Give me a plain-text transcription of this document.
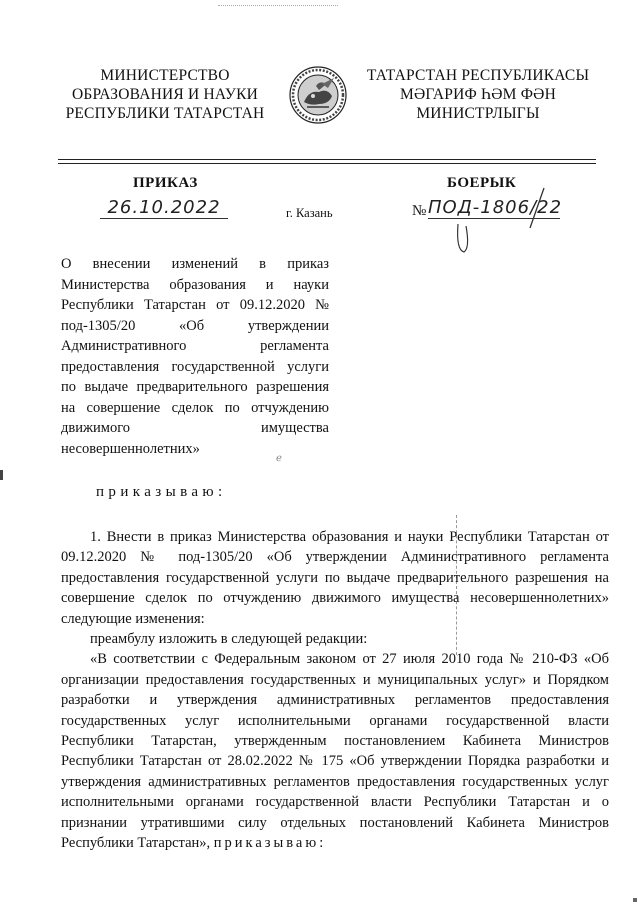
МИНИСТЕРСТВО
ОБРАЗОВАНИЯ И НАУКИ
РЕСПУБЛИКИ ТАТАРСТАН
ТАТАРСТАН РЕСПУБЛИКАСЫ
МӘГАРИФ ҺӘМ ФӘН
МИНИСТРЛЫГЫ
ПРИКАЗ	БОЕРЫК
26.10.2022	г. Казань	№ ПОД-1806/22
О внесении изменений в приказ Министерства образования и науки Республики Татарстан от 09.12.2020 № под-1305/20 «Об утверждении Административного регламента предоставления государственной услуги по выдаче предварительного разрешения на совершение сделок по отчуждению движимого имущества несовершеннолетних»
ℯ
приказываю:

1. Внести в приказ Министерства образования и науки Республики Татарстан от 09.12.2020 № под-1305/20 «Об утверждении Административного регламента предоставления государственной услуги по выдаче предварительного разрешения на совершение сделок по отчуждению движимого имущества несовершеннолетних» следующие изменения:

преамбулу изложить в следующей редакции:

«В соответствии с Федеральным законом от 27 июля 2010 года № 210-ФЗ «Об организации предоставления государственных и муниципальных услуг» и Порядком разработки и утверждения административных регламентов предоставления государственных услуг исполнительными органами государственной власти Республики Татарстан, утвержденным постановлением Кабинета Министров Республики Татарстан от 28.02.2022 № 175 «Об утверждении Порядка разработки и утверждения административных регламентов предоставления государственных услуг исполнительными органами государственной власти Республики Татарстан и о признании утратившими силу отдельных постановлений Кабинета Министров Республики Татарстан», приказываю:
